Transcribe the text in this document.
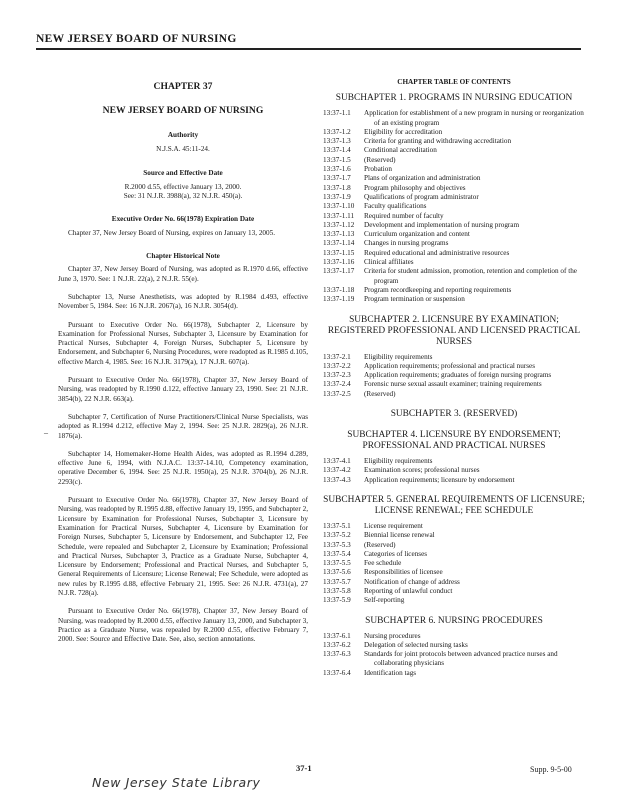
NEW JERSEY BOARD OF NURSING
CHAPTER 37
NEW JERSEY BOARD OF NURSING
Authority
N.J.S.A. 45:11-24.
Source and Effective Date
R.2000 d.55, effective January 13, 2000.
See: 31 N.J.R. 3988(a), 32 N.J.R. 450(a).
Executive Order No. 66(1978) Expiration Date
Chapter 37, New Jersey Board of Nursing, expires on January 13, 2005.
Chapter Historical Note
Chapter 37, New Jersey Board of Nursing, was adopted as R.1970 d.66, effective June 3, 1970. See: 1 N.J.R. 22(a), 2 N.J.R. 55(e).
Subchapter 13, Nurse Anesthetists, was adopted by R.1984 d.493, effective November 5, 1984. See: 16 N.J.R. 2067(a), 16 N.J.R. 3054(d).
Pursuant to Executive Order No. 66(1978), Subchapter 2, Licensure by Examination for Professional Nurses, Subchapter 3, Licensure by Examination for Practical Nurses, Subchapter 4, Foreign Nurses, Subchapter 5, Licensure by Endorsement, and Subchapter 6, Nursing Procedures, were readopted as R.1985 d.105, effective March 4, 1985. See: 16 N.J.R. 3179(a), 17 N.J.R. 607(a).
Pursuant to Executive Order No. 66(1978), Chapter 37, New Jersey Board of Nursing, was readopted by R.1990 d.122, effective January 23, 1990. See: 21 N.J.R. 3854(b), 22 N.J.R. 663(a).
Subchapter 7, Certification of Nurse Practitioners/Clinical Nurse Specialists, was adopted as R.1994 d.212, effective May 2, 1994. See: 25 N.J.R. 2829(a), 26 N.J.R. 1876(a).
Subchapter 14, Homemaker-Home Health Aides, was adopted as R.1994 d.289, effective June 6, 1994, with N.J.A.C. 13:37-14.10, Competency examination, operative December 6, 1994. See: 25 N.J.R. 1950(a), 25 N.J.R. 3704(b), 26 N.J.R. 2293(c).
Pursuant to Executive Order No. 66(1978), Chapter 37, New Jersey Board of Nursing, was readopted by R.1995 d.88, effective January 19, 1995, and Subchapter 2, Licensure by Examination for Professional Nurses, Subchapter 3, Licensure by Examination for Practical Nurses, Subchapter 4, Licensure by Examination for Foreign Nurses, Subchapter 5, Licensure by Endorsement, and Subchapter 12, Fee Schedule, were repealed and Subchapter 2, Licensure by Examination; Professional and Practical Nurses, Subchapter 3, Practice as a Graduate Nurse, Subchapter 4, Licensure by Endorsement; Professional and Practical Nurses, and Subchapter 5, General Requirements of Licensure; License Renewal; Fee Schedule, were adopted as new rules by R.1995 d.88, effective February 21, 1995. See: 26 N.J.R. 4731(a), 27 N.J.R. 728(a).
Pursuant to Executive Order No. 66(1978), Chapter 37, New Jersey Board of Nursing, was readopted by R.2000 d.55, effective January 13, 2000, and Subchapter 3, Practice as a Graduate Nurse, was repealed by R.2000 d.55, effective February 7, 2000. See: Source and Effective Date. See, also, section annotations.
–
CHAPTER TABLE OF CONTENTS
SUBCHAPTER 1. PROGRAMS IN NURSING EDUCATION
13:37-1.1	Application for establishment of a new program in nursing or reorganization of an existing program
13:37-1.2	Eligibility for accreditation
13:37-1.3	Criteria for granting and withdrawing accreditation
13:37-1.4	Conditional accreditation
13:37-1.5	(Reserved)
13:37-1.6	Probation
13:37-1.7	Plans of organization and administration
13:37-1.8	Program philosophy and objectives
13:37-1.9	Qualifications of program administrator
13:37-1.10	Faculty qualifications
13:37-1.11	Required number of faculty
13:37-1.12	Development and implementation of nursing program
13:37-1.13	Curriculum organization and content
13:37-1.14	Changes in nursing programs
13:37-1.15	Required educational and administrative resources
13:37-1.16	Clinical affiliates
13:37-1.17	Criteria for student admission, promotion, retention and completion of the program
13:37-1.18	Program recordkeeping and reporting requirements
13:37-1.19	Program termination or suspension
SUBCHAPTER 2. LICENSURE BY EXAMINATION; REGISTERED PROFESSIONAL AND LICENSED PRACTICAL NURSES
13:37-2.1	Eligibility requirements
13:37-2.2	Application requirements; professional and practical nurses
13:37-2.3	Application requirements; graduates of foreign nursing programs
13:37-2.4	Forensic nurse sexual assault examiner; training requirements
13:37-2.5	(Reserved)
SUBCHAPTER 3. (RESERVED)
SUBCHAPTER 4. LICENSURE BY ENDORSEMENT; PROFESSIONAL AND PRACTICAL NURSES
13:37-4.1	Eligibility requirements
13:37-4.2	Examination scores; professional nurses
13:37-4.3	Application requirements; licensure by endorsement
SUBCHAPTER 5. GENERAL REQUIREMENTS OF LICENSURE; LICENSE RENEWAL; FEE SCHEDULE
13:37-5.1	License requirement
13:37-5.2	Biennial license renewal
13:37-5.3	(Reserved)
13:37-5.4	Categories of licenses
13:37-5.5	Fee schedule
13:37-5.6	Responsibilities of licensee
13:37-5.7	Notification of change of address
13:37-5.8	Reporting of unlawful conduct
13:37-5.9	Self-reporting
SUBCHAPTER 6. NURSING PROCEDURES
13:37-6.1	Nursing procedures
13:37-6.2	Delegation of selected nursing tasks
13:37-6.3	Standards for joint protocols between advanced practice nurses and collaborating physicians
13:37-6.4	Identification tags
37-1	Supp. 9-5-00
New Jersey State Library
